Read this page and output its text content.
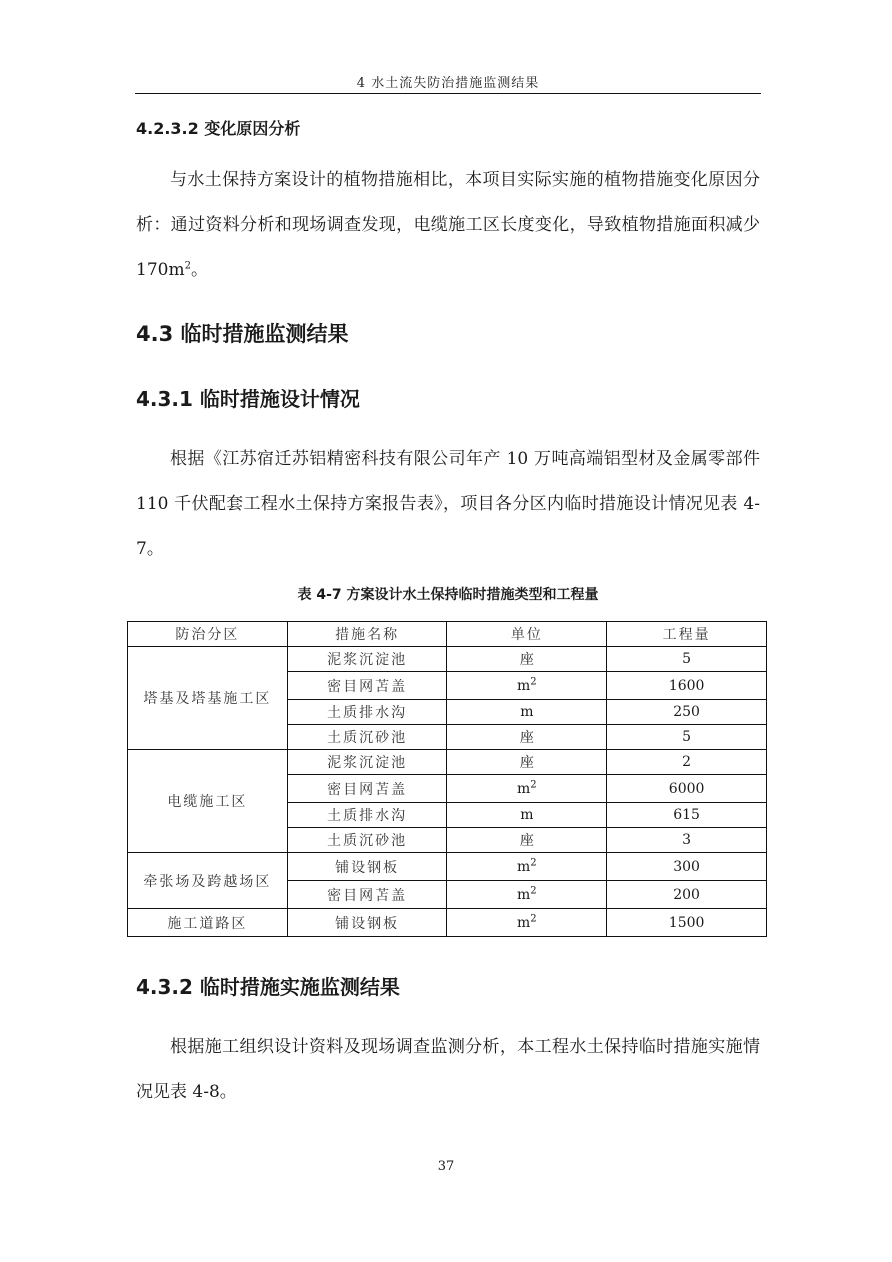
4 水土流失防治措施监测结果
4.2.3.2 变化原因分析
与水土保持方案设计的植物措施相比，本项目实际实施的植物措施变化原因分析：通过资料分析和现场调查发现，电缆施工区长度变化，导致植物措施面积减少 $170m^2$。
4.3 临时措施监测结果
4.3.1 临时措施设计情况
根据《江苏宿迁苏铝精密科技有限公司年产 10 万吨高端铝型材及金属零部件 110 千伏配套工程水土保持方案报告表》，项目各分区内临时措施设计情况见表 4-7。
表 4-7 方案设计水土保持临时措施类型和工程量
防治分区	措施名称	单位	工程量
塔基及塔基施工区	泥浆沉淀池	座	5
	密目网苫盖	$m^2$	1600
	土质排水沟	m	250
	土质沉砂池	座	5
电缆施工区	泥浆沉淀池	座	2
	密目网苫盖	$m^2$	6000
	土质排水沟	m	615
	土质沉砂池	座	3
牵张场及跨越场区	铺设钢板	$m^2$	300
	密目网苫盖	$m^2$	200
施工道路区	铺设钢板	$m^2$	1500
4.3.2 临时措施实施监测结果
根据施工组织设计资料及现场调查监测分析，本工程水土保持临时措施实施情况见表 4-8。
37
